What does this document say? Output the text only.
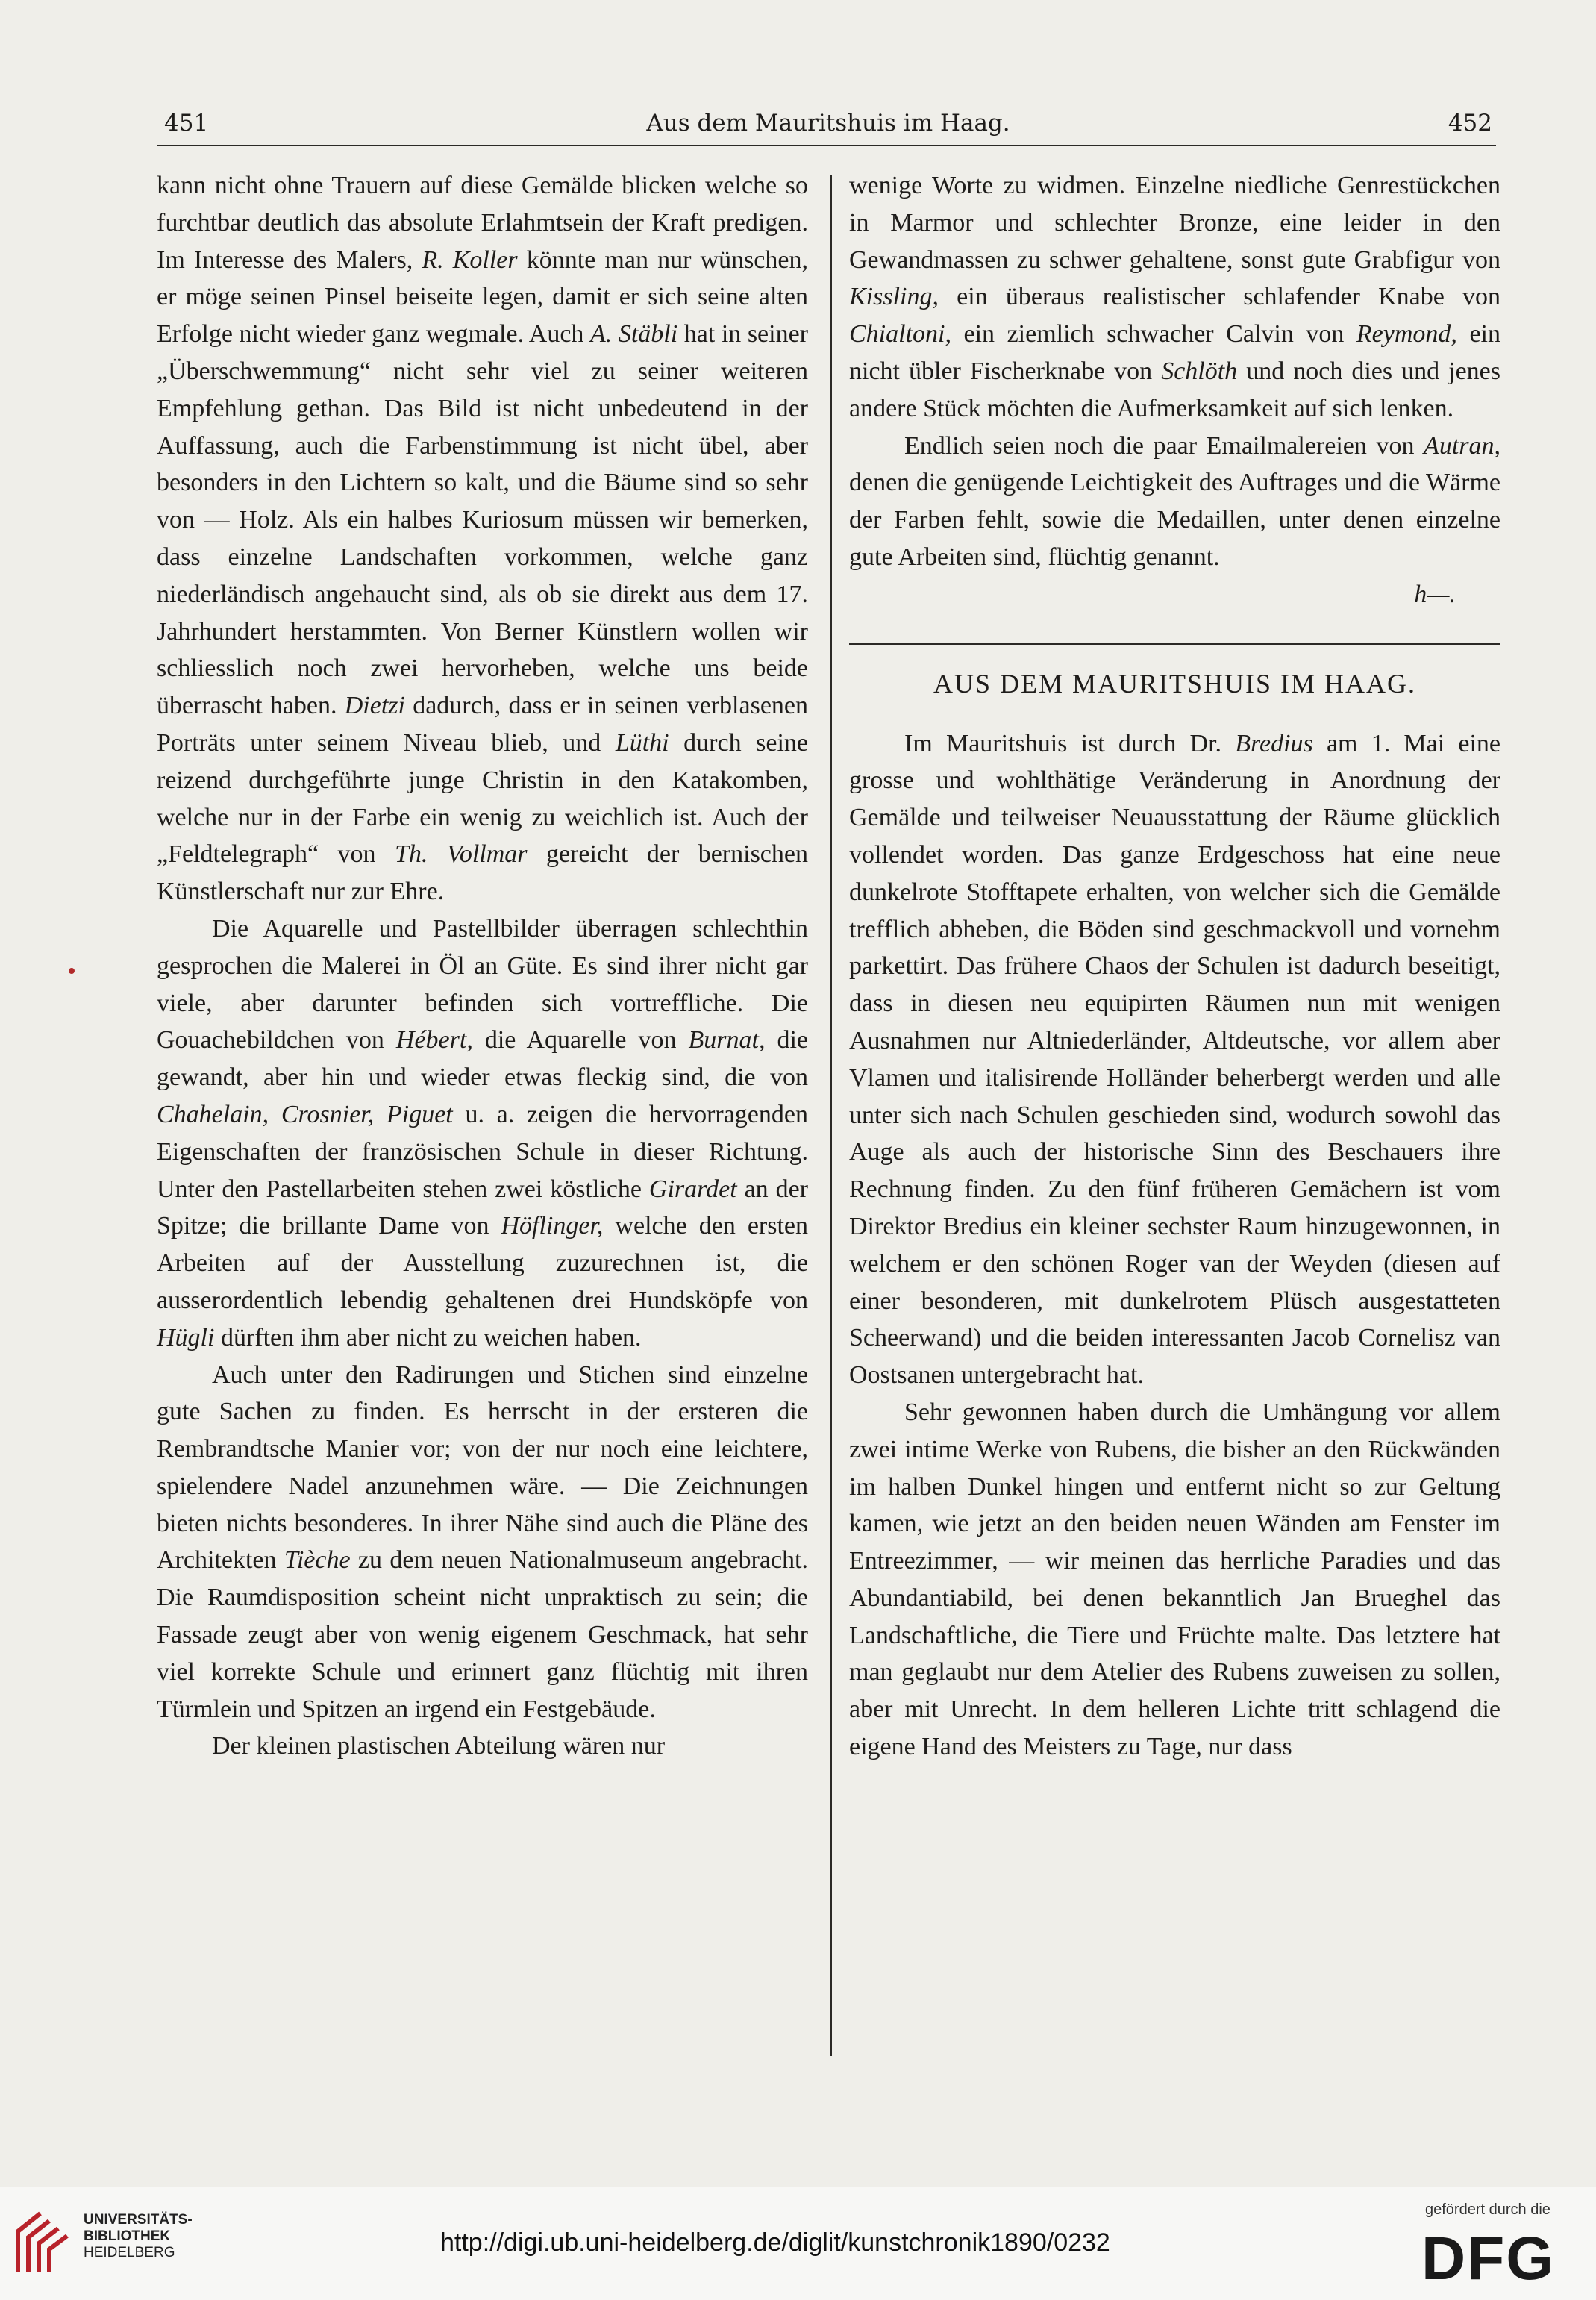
451	Aus dem Mauritshuis im Haag.	452

kann nicht ohne Trauern auf diese Gemälde blicken welche so furchtbar deutlich das absolute Erlahmtsein der Kraft predigen. Im Interesse des Malers, R. Koller könnte man nur wünschen, er möge seinen Pinsel beiseite legen, damit er sich seine alten Erfolge nicht wieder ganz wegmale. Auch A. Stäbli hat in seiner „Überschwemmung“ nicht sehr viel zu seiner weiteren Empfehlung gethan. Das Bild ist nicht unbedeutend in der Auffassung, auch die Farbenstimmung ist nicht übel, aber besonders in den Lichtern so kalt, und die Bäume sind so sehr von — Holz. Als ein halbes Kuriosum müssen wir bemerken, dass einzelne Landschaften vorkommen, welche ganz niederländisch angehaucht sind, als ob sie direkt aus dem 17. Jahrhundert herstammten. Von Berner Künstlern wollen wir schliesslich noch zwei hervorheben, welche uns beide überrascht haben. Dietzi dadurch, dass er in seinen verblasenen Porträts unter seinem Niveau blieb, und Lüthi durch seine reizend durchgeführte junge Christin in den Katakomben, welche nur in der Farbe ein wenig zu weichlich ist. Auch der „Feldtelegraph“ von Th. Vollmar gereicht der bernischen Künstlerschaft nur zur Ehre.

Die Aquarelle und Pastellbilder überragen schlechthin gesprochen die Malerei in Öl an Güte. Es sind ihrer nicht gar viele, aber darunter befinden sich vortreffliche. Die Gouachebildchen von Hébert, die Aquarelle von Burnat, die gewandt, aber hin und wieder etwas fleckig sind, die von Chahelain, Crosnier, Piguet u. a. zeigen die hervorragenden Eigenschaften der französischen Schule in dieser Richtung. Unter den Pastellarbeiten stehen zwei köstliche Girardet an der Spitze; die brillante Dame von Höflinger, welche den ersten Arbeiten auf der Ausstellung zuzurechnen ist, die ausserordentlich lebendig gehaltenen drei Hundsköpfe von Hügli dürften ihm aber nicht zu weichen haben.

Auch unter den Radirungen und Stichen sind einzelne gute Sachen zu finden. Es herrscht in der ersteren die Rembrandtsche Manier vor; von der nur noch eine leichtere, spielendere Nadel anzunehmen wäre. — Die Zeichnungen bieten nichts besonderes. In ihrer Nähe sind auch die Pläne des Architekten Tièche zu dem neuen Nationalmuseum angebracht. Die Raumdisposition scheint nicht unpraktisch zu sein; die Fassade zeugt aber von wenig eigenem Geschmack, hat sehr viel korrekte Schule und erinnert ganz flüchtig mit ihren Türmlein und Spitzen an irgend ein Festgebäude.

Der kleinen plastischen Abteilung wären nur

wenige Worte zu widmen. Einzelne niedliche Genrestückchen in Marmor und schlechter Bronze, eine leider in den Gewandmassen zu schwer gehaltene, sonst gute Grabfigur von Kissling, ein überaus realistischer schlafender Knabe von Chialtoni, ein ziemlich schwacher Calvin von Reymond, ein nicht übler Fischerknabe von Schlöth und noch dies und jenes andere Stück möchten die Aufmerksamkeit auf sich lenken.

Endlich seien noch die paar Emailmalereien von Autran, denen die genügende Leichtigkeit des Auftrages und die Wärme der Farben fehlt, sowie die Medaillen, unter denen einzelne gute Arbeiten sind, flüchtig genannt.

h—.

AUS DEM MAURITSHUIS IM HAAG.

Im Mauritshuis ist durch Dr. Bredius am 1. Mai eine grosse und wohlthätige Veränderung in Anordnung der Gemälde und teilweiser Neuausstattung der Räume glücklich vollendet worden. Das ganze Erdgeschoss hat eine neue dunkelrote Stofftapete erhalten, von welcher sich die Gemälde trefflich abheben, die Böden sind geschmackvoll und vornehm parkettirt. Das frühere Chaos der Schulen ist dadurch beseitigt, dass in diesen neu equipirten Räumen nun mit wenigen Ausnahmen nur Altniederländer, Altdeutsche, vor allem aber Vlamen und italisirende Holländer beherbergt werden und alle unter sich nach Schulen geschieden sind, wodurch sowohl das Auge als auch der historische Sinn des Beschauers ihre Rechnung finden. Zu den fünf früheren Gemächern ist vom Direktor Bredius ein kleiner sechster Raum hinzugewonnen, in welchem er den schönen Roger van der Weyden (diesen auf einer besonderen, mit dunkelrotem Plüsch ausgestatteten Scheerwand) und die beiden interessanten Jacob Cornelisz van Oostsanen untergebracht hat.

Sehr gewonnen haben durch die Umhängung vor allem zwei intime Werke von Rubens, die bisher an den Rückwänden im halben Dunkel hingen und entfernt nicht so zur Geltung kamen, wie jetzt an den beiden neuen Wänden am Fenster im Entreezimmer, — wir meinen das herrliche Paradies und das Abundantiabild, bei denen bekanntlich Jan Brueghel das Landschaftliche, die Tiere und Früchte malte. Das letztere hat man geglaubt nur dem Atelier des Rubens zuweisen zu sollen, aber mit Unrecht. In dem helleren Lichte tritt schlagend die eigene Hand des Meisters zu Tage, nur dass

UNIVERSITÄTS-
BIBLIOTHEK
HEIDELBERG	http://digi.ub.uni-heidelberg.de/diglit/kunstchronik1890/0232
gefördert durch die
DFG
